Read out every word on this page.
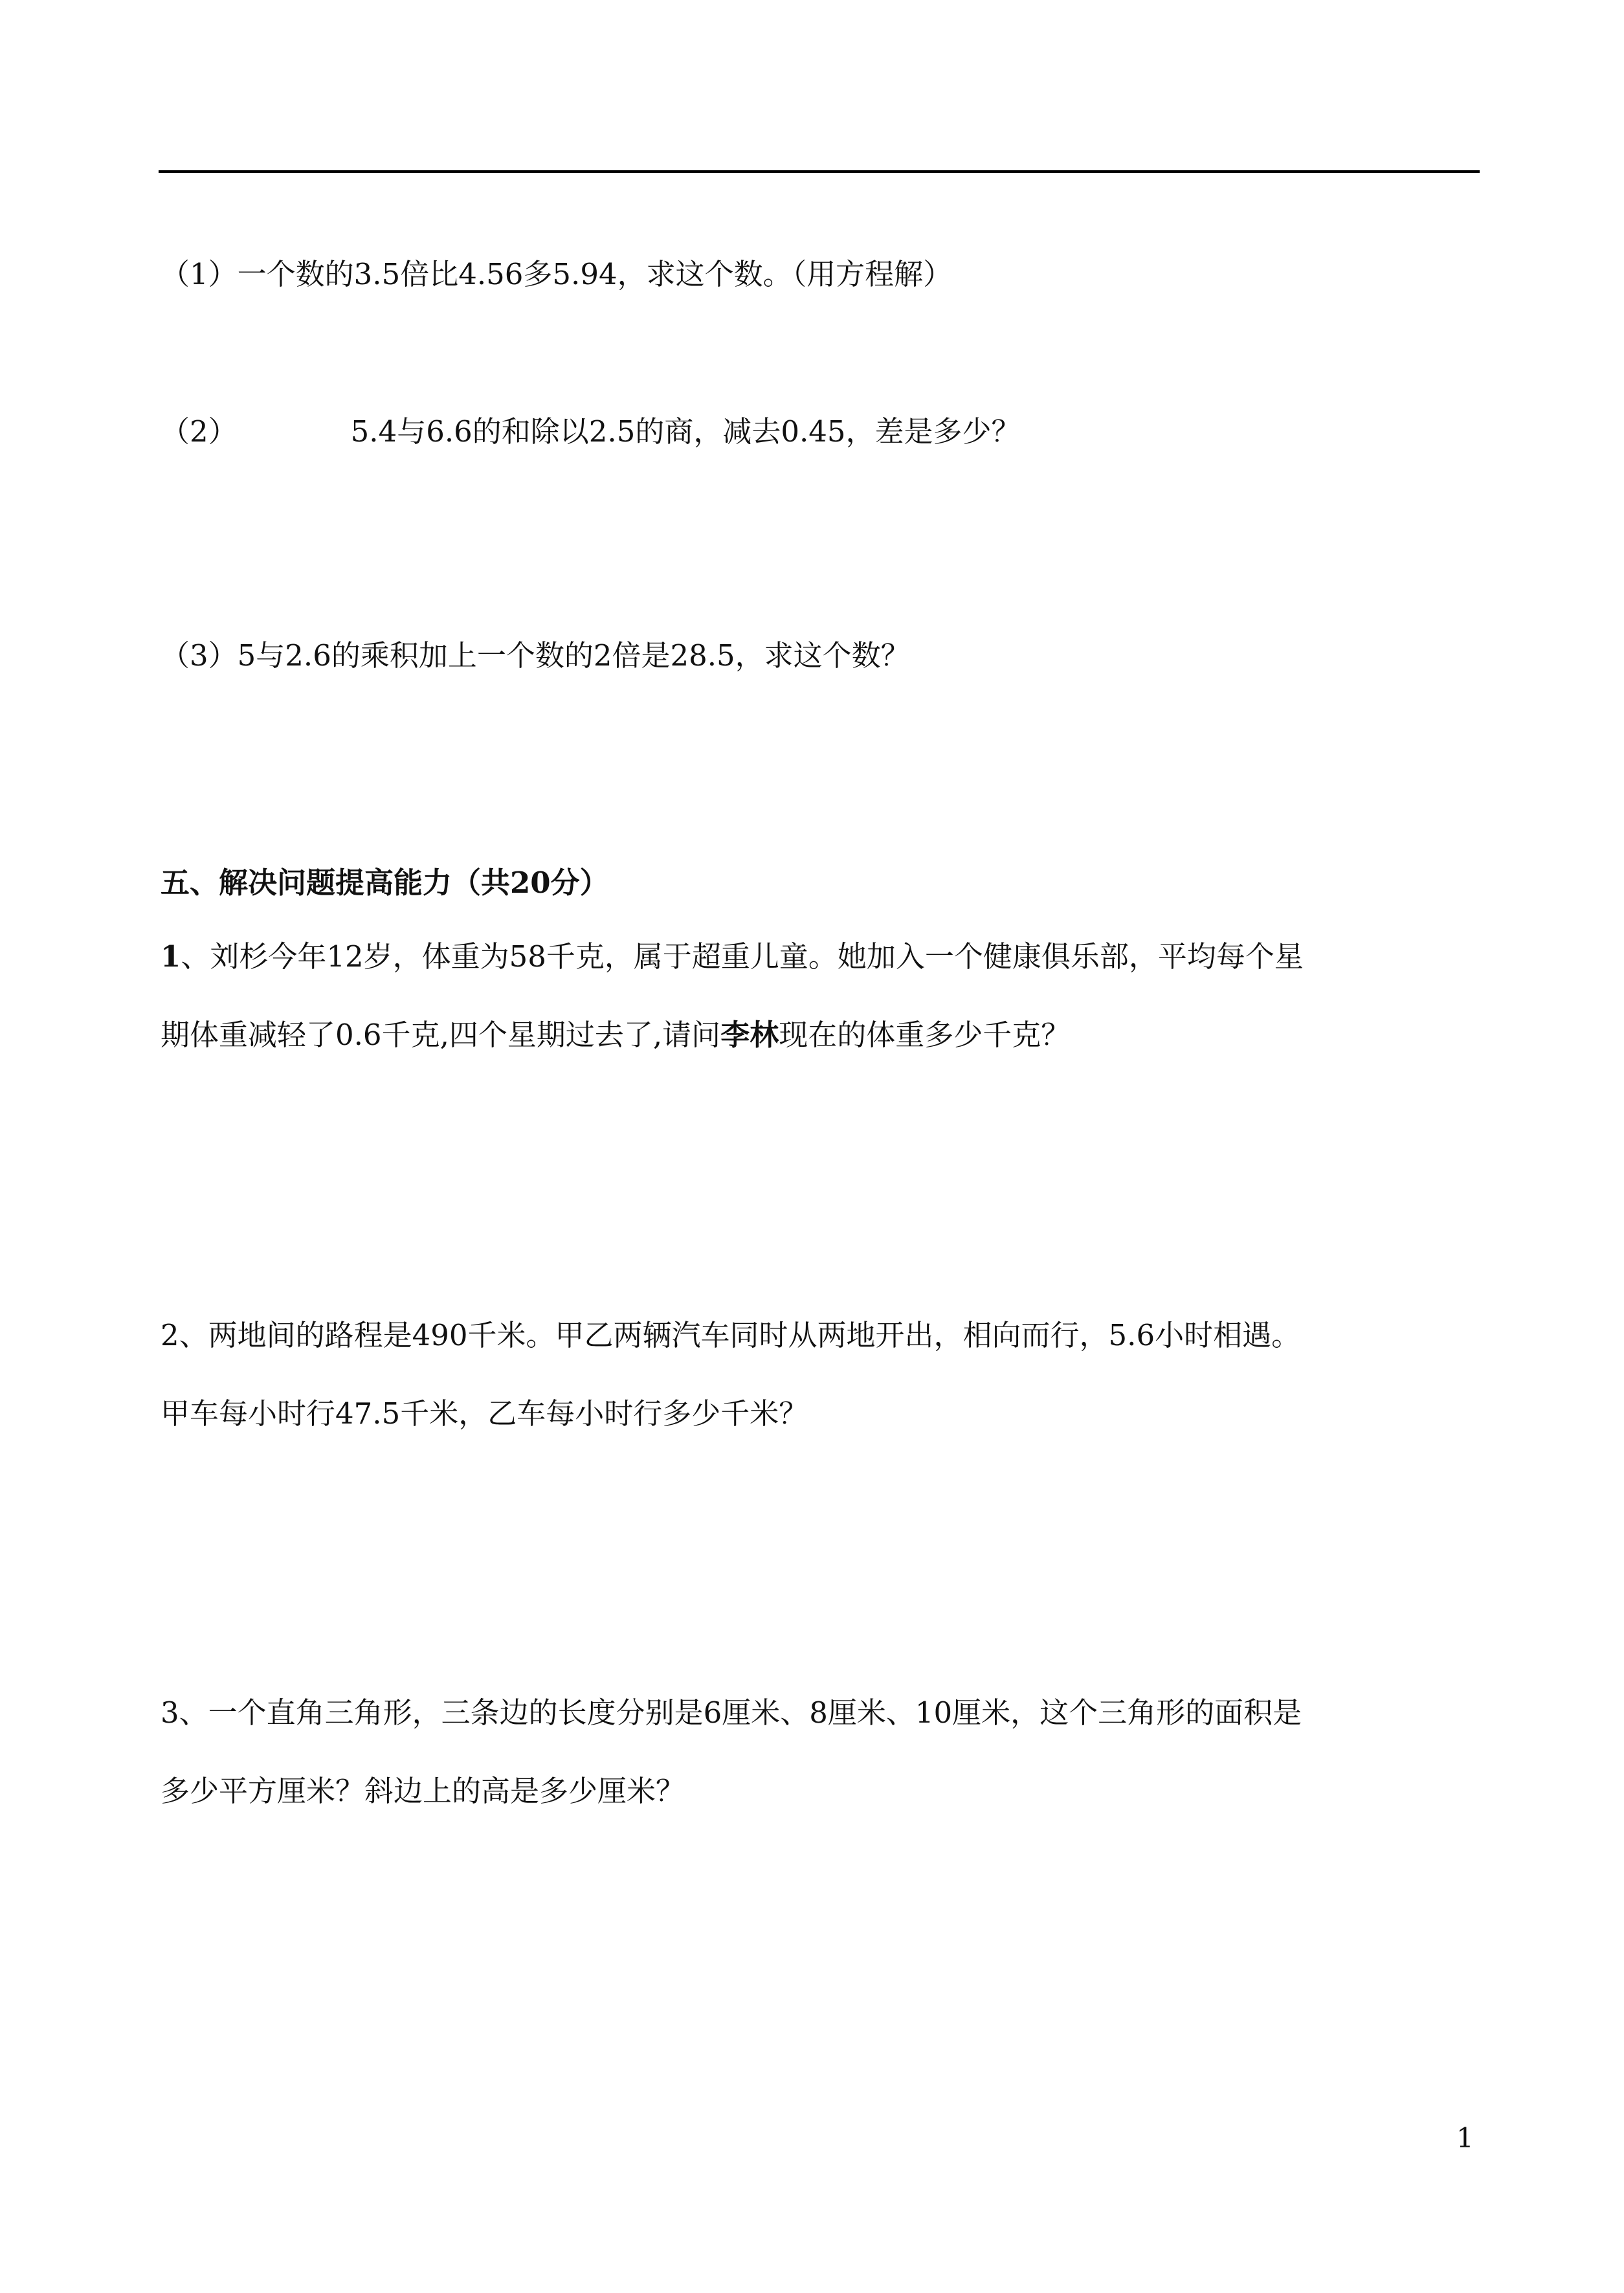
（1）一个数的3.5倍比4.56多5.94，求这个数。（用方程解）
（2）	5.4与6.6的和除以2.5的商，减去0.45，差是多少？
（3）5与2.6的乘积加上一个数的2倍是28.5，求这个数？
五、解决问题提高能力（共20分）
1、刘杉今年12岁，体重为58千克，属于超重儿童。她加入一个健康俱乐部，平均每个星
期体重减轻了0.6千克,四个星期过去了,请问李林现在的体重多少千克？
2、两地间的路程是490千米。甲乙两辆汽车同时从两地开出，相向而行，5.6小时相遇。
甲车每小时行47.5千米，乙车每小时行多少千米？
3、一个直角三角形，三条边的长度分别是6厘米、8厘米、10厘米，这个三角形的面积是
多少平方厘米？斜边上的高是多少厘米？
1
